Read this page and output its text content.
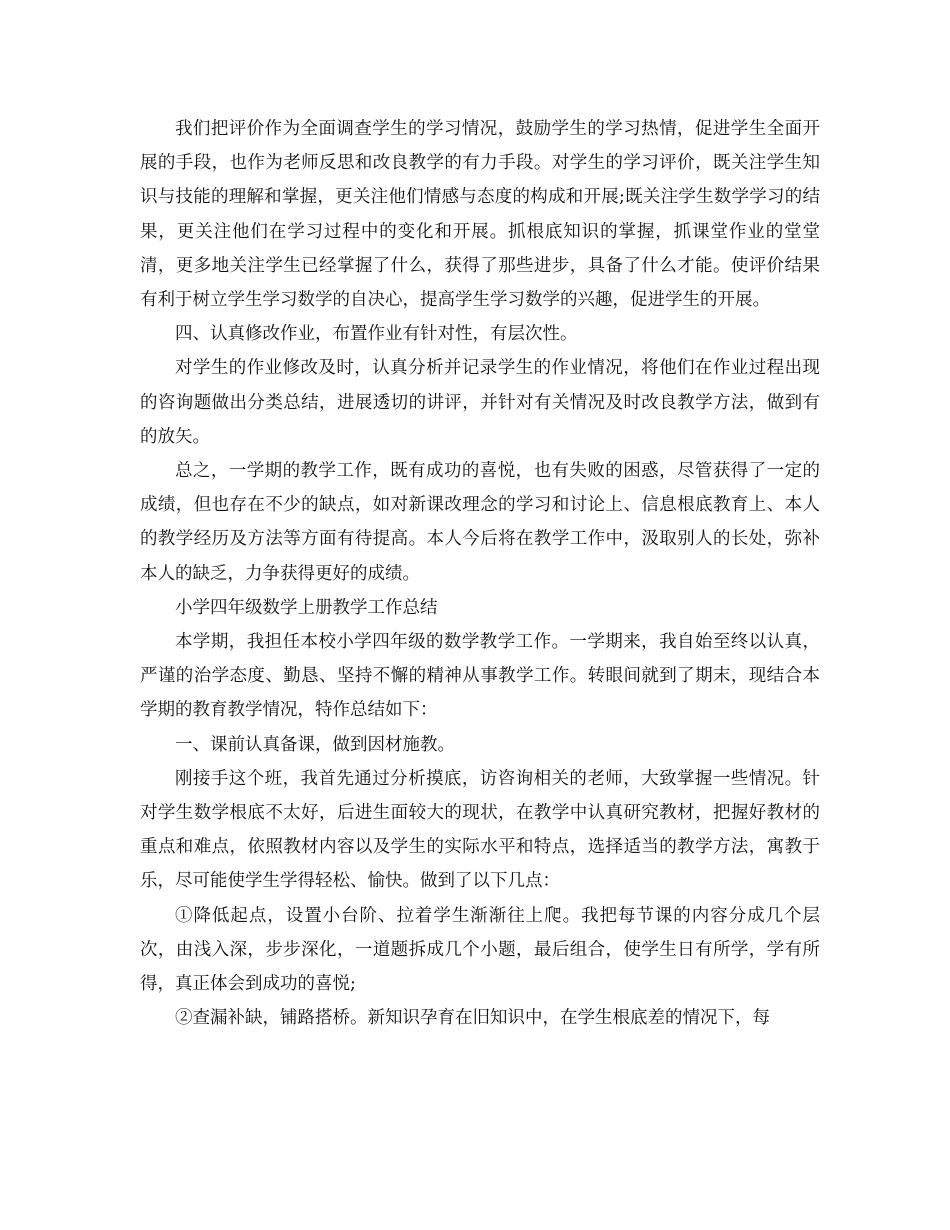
我们把评价作为全面调查学生的学习情况，鼓励学生的学习热情，促进学生全面开展的手段，也作为老师反思和改良教学的有力手段。对学生的学习评价，既关注学生知识与技能的理解和掌握，更关注他们情感与态度的构成和开展;既关注学生数学学习的结果，更关注他们在学习过程中的变化和开展。抓根底知识的掌握，抓课堂作业的堂堂清，更多地关注学生已经掌握了什么，获得了那些进步，具备了什么才能。使评价结果有利于树立学生学习数学的自决心，提高学生学习数学的兴趣，促进学生的开展。

四、认真修改作业，布置作业有针对性，有层次性。

对学生的作业修改及时，认真分析并记录学生的作业情况，将他们在作业过程出现的咨询题做出分类总结，进展透切的讲评，并针对有关情况及时改良教学方法，做到有的放矢。

总之，一学期的教学工作，既有成功的喜悦，也有失败的困惑，尽管获得了一定的成绩，但也存在不少的缺点，如对新课改理念的学习和讨论上、信息根底教育上、本人的教学经历及方法等方面有待提高。本人今后将在教学工作中，汲取别人的长处，弥补本人的缺乏，力争获得更好的成绩。

小学四年级数学上册教学工作总结

本学期，我担任本校小学四年级的数学教学工作。一学期来，我自始至终以认真，严谨的治学态度、勤恳、坚持不懈的精神从事教学工作。转眼间就到了期末，现结合本学期的教育教学情况，特作总结如下：

一、课前认真备课，做到因材施教。

刚接手这个班，我首先通过分析摸底，访咨询相关的老师，大致掌握一些情况。针对学生数学根底不太好，后进生面较大的现状，在教学中认真研究教材，把握好教材的重点和难点，依照教材内容以及学生的实际水平和特点，选择适当的教学方法，寓教于乐，尽可能使学生学得轻松、愉快。做到了以下几点：

①降低起点，设置小台阶、拉着学生渐渐往上爬。我把每节课的内容分成几个层次，由浅入深，步步深化，一道题拆成几个小题，最后组合，使学生日有所学，学有所得，真正体会到成功的喜悦;

②查漏补缺，铺路搭桥。新知识孕育在旧知识中，在学生根底差的情况下，每
